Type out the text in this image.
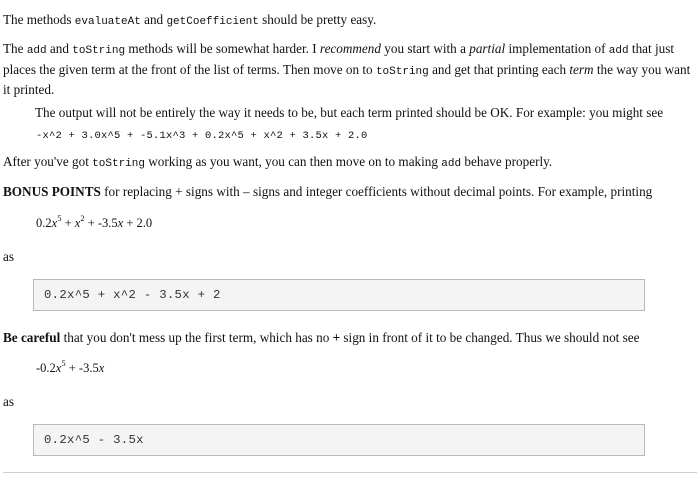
The methods evaluateAt and getCoefficient should be pretty easy.
The add and toString methods will be somewhat harder. I recommend you start with a partial implementation of add that just places the given term at the front of the list of terms. Then move on to toString and get that printing each term the way you want it printed.
The output will not be entirely the way it needs to be, but each term printed should be OK. For example: you might see
-x^2 + 3.0x^5 + -5.1x^3 + 0.2x^5 + x^2 + 3.5x + 2.0
After you've got toString working as you want, you can then move on to making add behave properly.
BONUS POINTS for replacing + signs with – signs and integer coefficients without decimal points. For example, printing
$0.2x^5 + x^2 + -3.5x + 2.0$
as
0.2x^5 + x^2 - 3.5x + 2
Be careful that you don't mess up the first term, which has no + sign in front of it to be changed. Thus we should not see
$-0.2x^5 + -3.5x$
as
0.2x^5 - 3.5x
